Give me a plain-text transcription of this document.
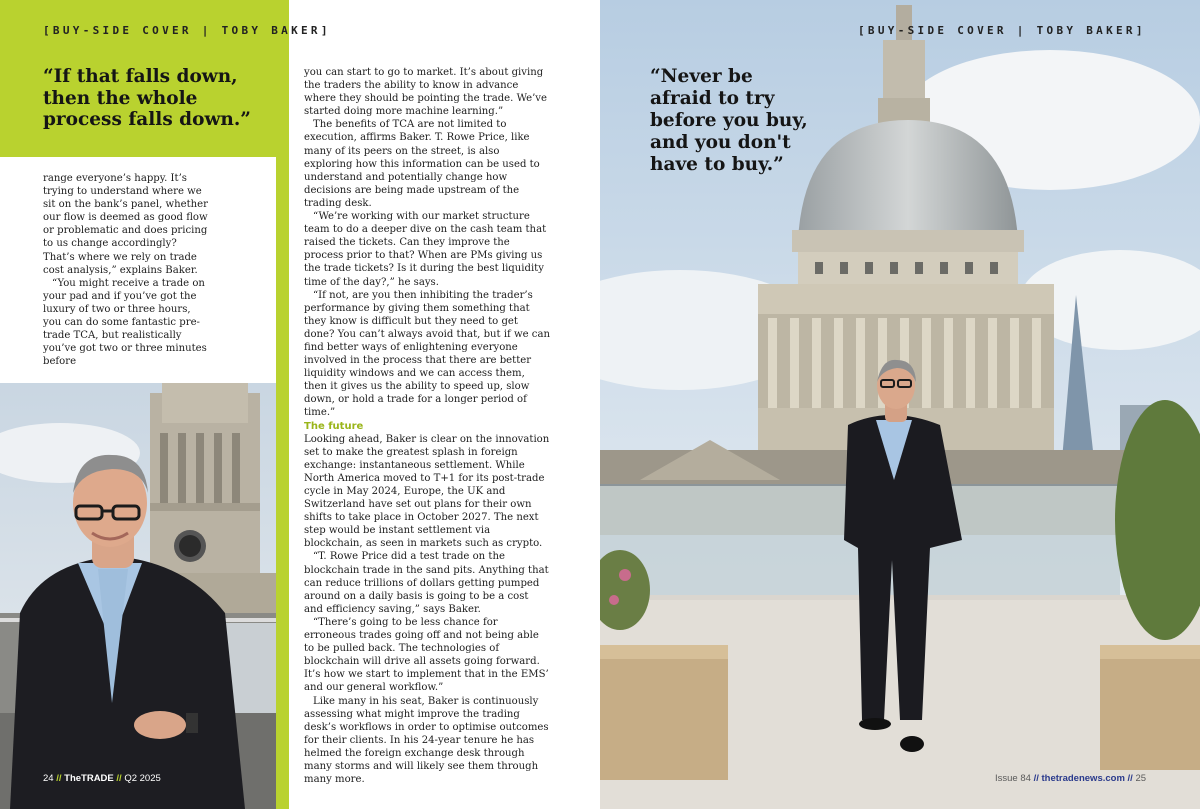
[BUY-SIDE COVER | TOBY BAKER]
“If that falls down, then the whole process falls down.”

range everyone’s happy. It’s trying to understand where we sit on the bank’s panel, whether our flow is deemed as good flow or problematic and does pricing to us change accordingly? That’s where we rely on trade cost analysis,” explains Baker.

“You might receive a trade on your pad and if you’ve got the luxury of two or three hours, you can do some fantastic pre-trade TCA, but realistically you’ve got two or three minutes before

you can start to go to market. It’s about giving the traders the ability to know in advance where they should be pointing the trade. We’ve started doing more machine learning.”

The benefits of TCA are not limited to execution, affirms Baker. T. Rowe Price, like many of its peers on the street, is also exploring how this information can be used to understand and potentially change how decisions are being made upstream of the trading desk.

“We’re working with our market structure team to do a deeper dive on the cash team that raised the tickets. Can they improve the process prior to that? When are PMs giving us the trade tickets? Is it during the best liquidity time of the day?,” he says.

“If not, are you then inhibiting the trader’s performance by giving them something that they know is difficult but they need to get done? You can’t always avoid that, but if we can find better ways of enlightening everyone involved in the process that there are better liquidity windows and we can access them, then it gives us the ability to speed up, slow down, or hold a trade for a longer period of time.”

The future

Looking ahead, Baker is clear on the innovation set to make the greatest splash in foreign exchange: instantaneous settlement. While North America moved to T+1 for its post-trade cycle in May 2024, Europe, the UK and Switzerland have set out plans for their own shifts to take place in October 2027. The next step would be instant settlement via blockchain, as seen in markets such as crypto.

“T. Rowe Price did a test trade on the blockchain trade in the sand pits. Anything that can reduce trillions of dollars getting pumped around on a daily basis is going to be a cost and efficiency saving,” says Baker.

“There’s going to be less chance for erroneous trades going off and not being able to be pulled back. The technologies of blockchain will drive all assets going forward. It’s how we start to implement that in the EMS’ and our general workflow.”

Like many in his seat, Baker is continuously assessing what might improve the trading desk’s workflows in order to optimise outcomes for their clients. In his 24-year tenure he has helmed the foreign exchange desk through many storms and will likely see them through many more.

24 // TheTRADE // Q2 2025
[BUY-SIDE COVER | TOBY BAKER]
“Never be afraid to try before you buy, and you don't have to buy.”
Issue 84 // thetradenews.com // 25
